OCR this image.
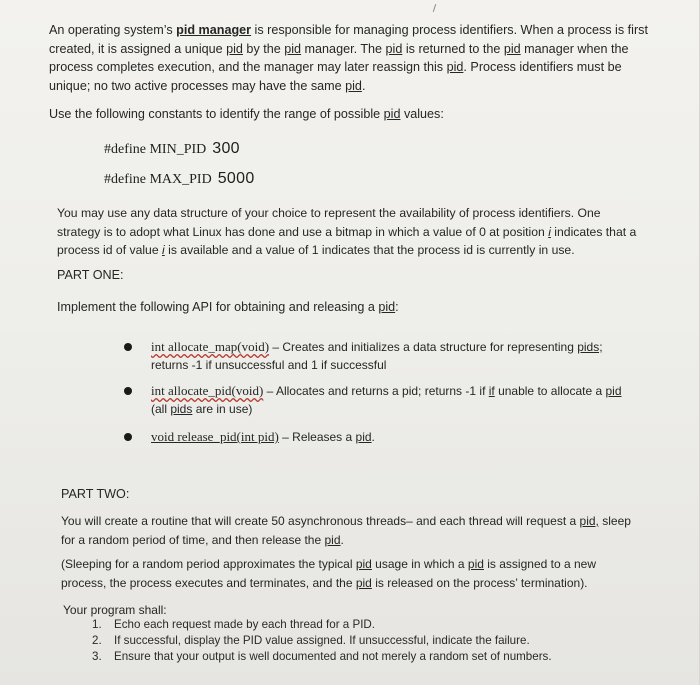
An operating system’s pid manager is responsible for managing process identifiers. When a process is first created, it is assigned a unique pid by the pid manager. The pid is returned to the pid manager when the process completes execution, and the manager may later reassign this pid. Process identifiers must be unique; no two active processes may have the same pid.
Use the following constants to identify the range of possible pid values:
#define MIN_PID 300
#define MAX_PID 5000
You may use any data structure of your choice to represent the availability of process identifiers. One strategy is to adopt what Linux has done and use a bitmap in which a value of 0 at position i indicates that a process id of value i is available and a value of 1 indicates that the process id is currently in use.
PART ONE:
Implement the following API for obtaining and releasing a pid:
int allocate_map(void) – Creates and initializes a data structure for representing pids; returns -1 if unsuccessful and 1 if successful
int allocate_pid(void) – Allocates and returns a pid; returns -1 if if unable to allocate a pid (all pids are in use)
void release_pid(int pid) – Releases a pid.
PART TWO:
You will create a routine that will create 50 asynchronous threads– and each thread will request a pid, sleep for a random period of time, and then release the pid.
(Sleeping for a random period approximates the typical pid usage in which a pid is assigned to a new process, the process executes and terminates, and the pid is released on the process’ termination).
Your program shall:
1. Echo each request made by each thread for a PID.
2. If successful, display the PID value assigned. If unsuccessful, indicate the failure.
3. Ensure that your output is well documented and not merely a random set of numbers.
